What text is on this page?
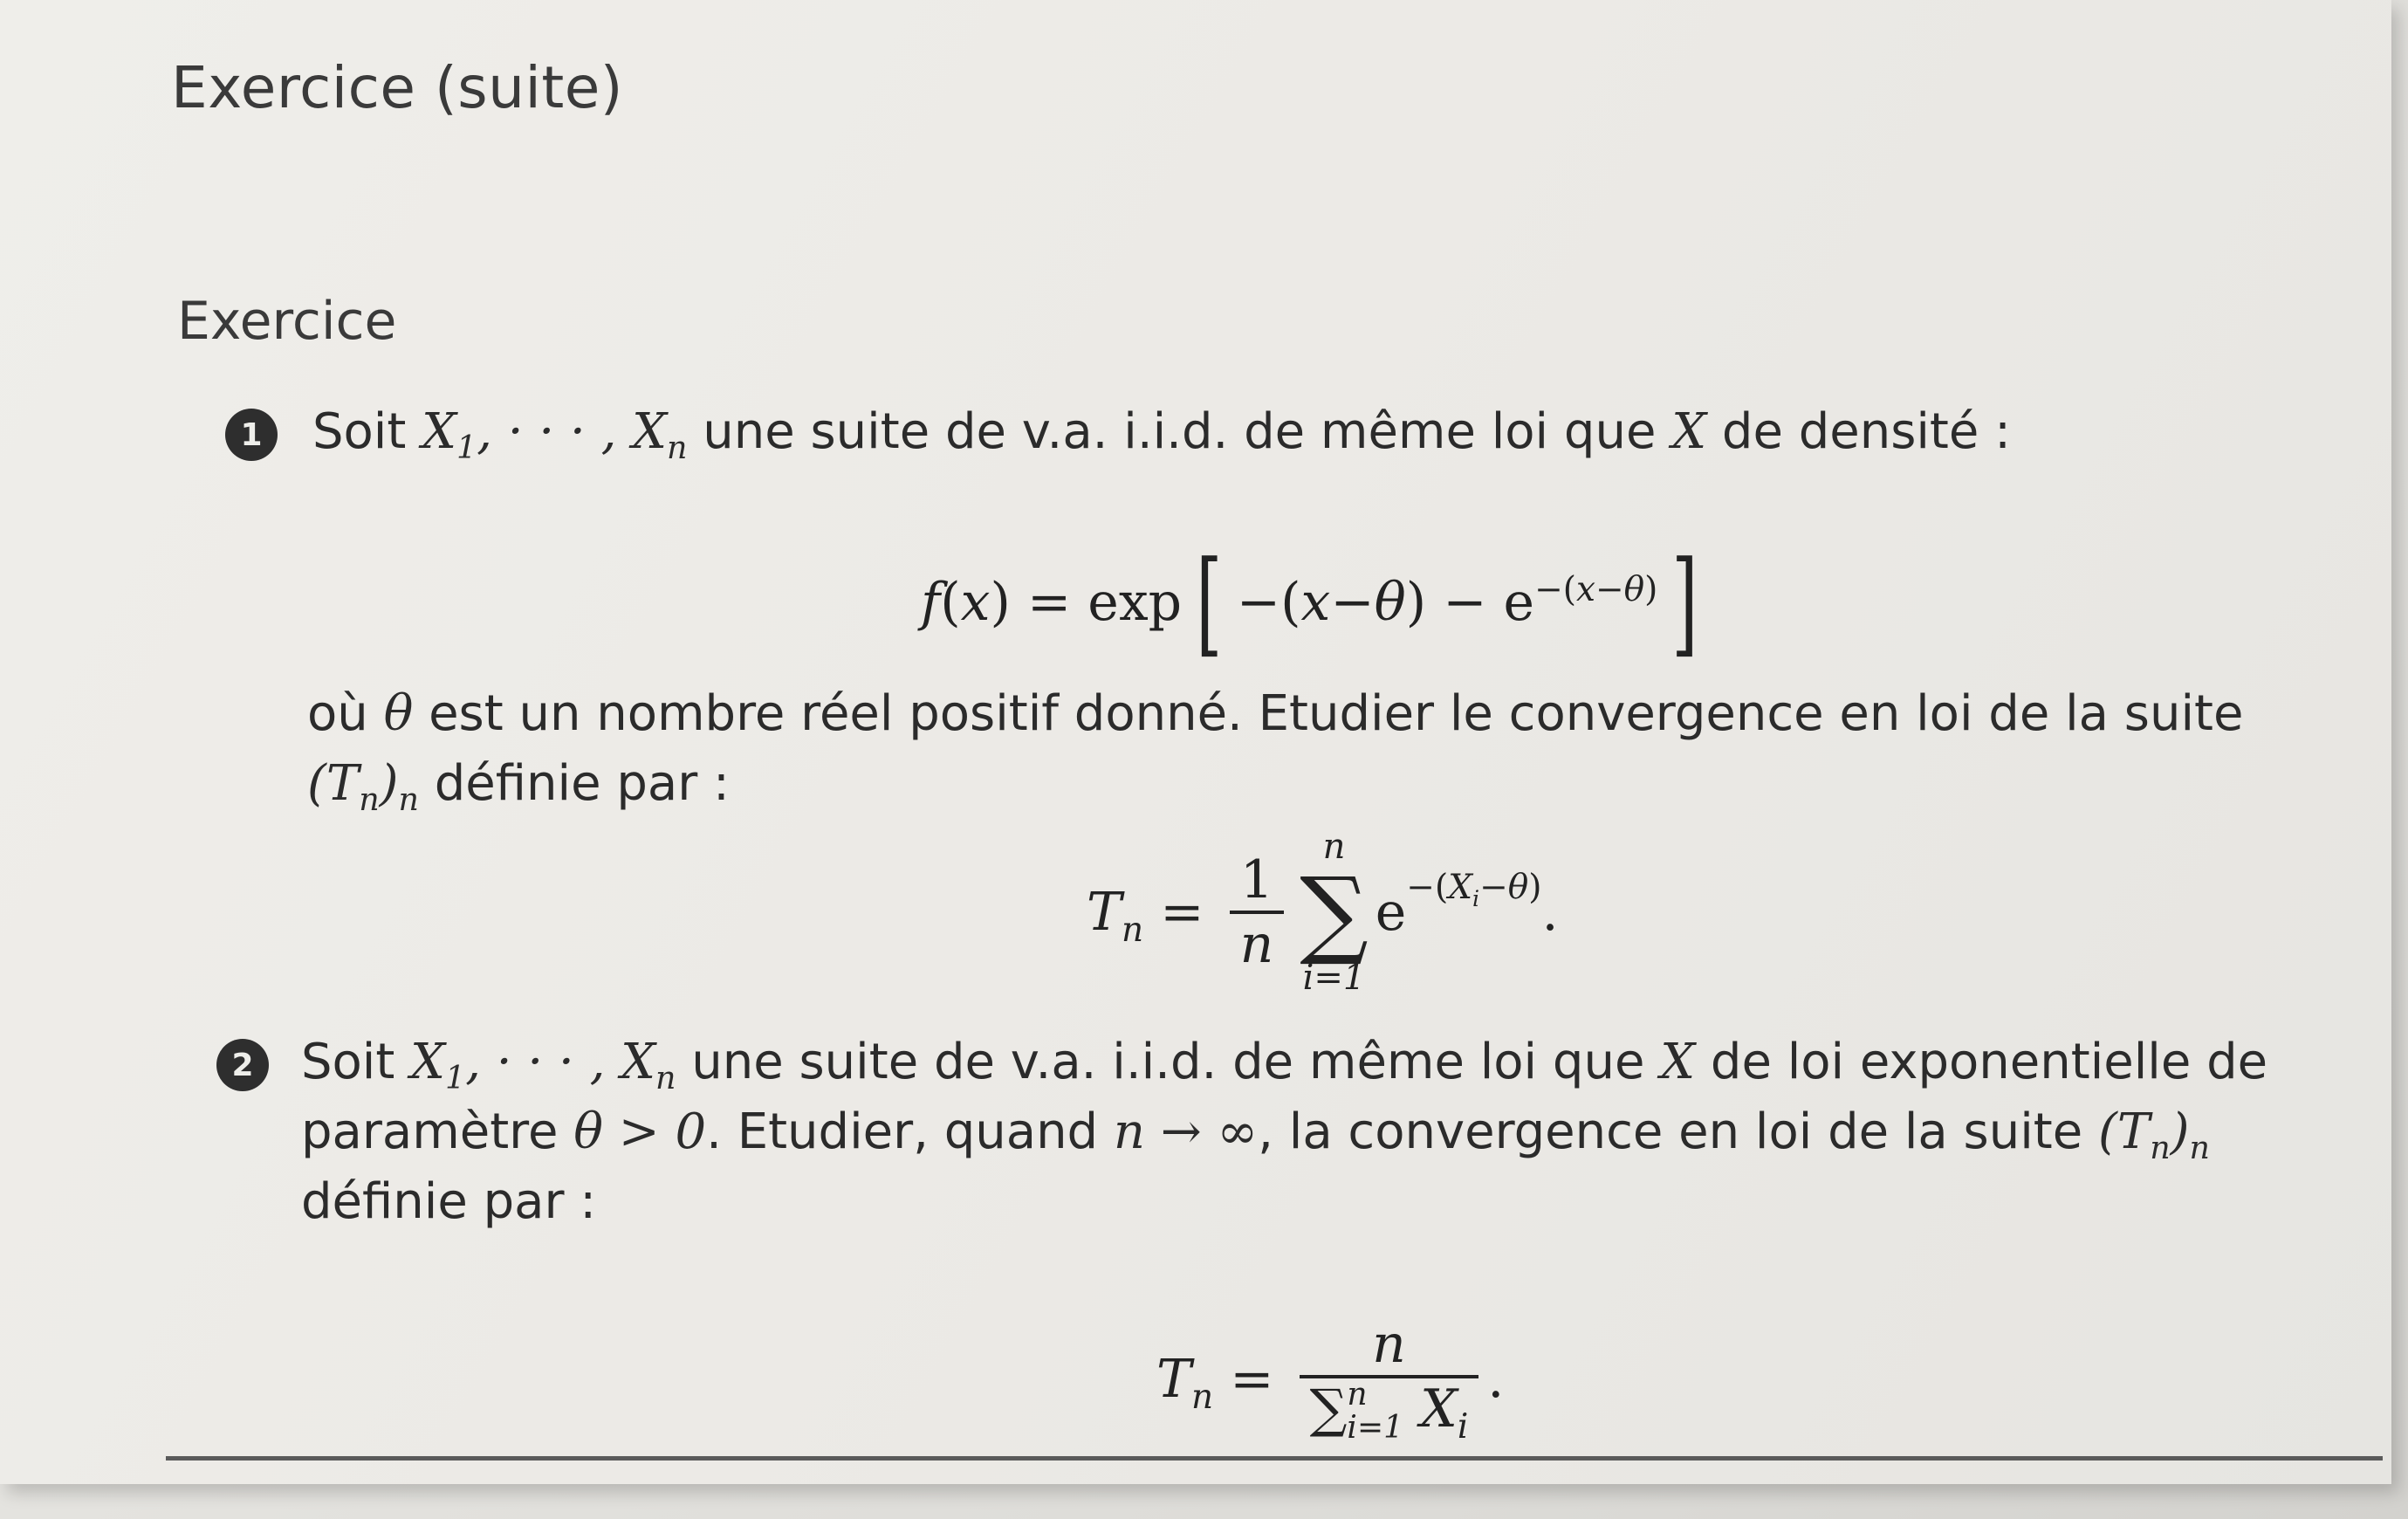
Exercice (suite)
Exercice
1	Soit $X_1$, · · · , $X_n$ une suite de v.a. i.i.d. de même loi que X de densité :
f ( x ) = exp [ −( x − θ ) − $e^{-(x-\theta)}$ ]
où θ est un nombre réel positif donné. Etudier le convergence en loi de la suite
$(T_n)_n$ définie par :
$T_n = \frac{1}{n}$
n
∑
i=1
$e^{-(X_i-\theta)}$ .
2 Soit $X_1$, · · · , $X_n$ une suite de v.a. i.i.d. de même loi que X de loi exponentielle de
paramètre θ > 0. Etudier, quand n → ∞, la convergence en loi de la suite $(T_n)_n$
définie par :
$T_n = n$
∑ n
i=1 $X_i$ .
